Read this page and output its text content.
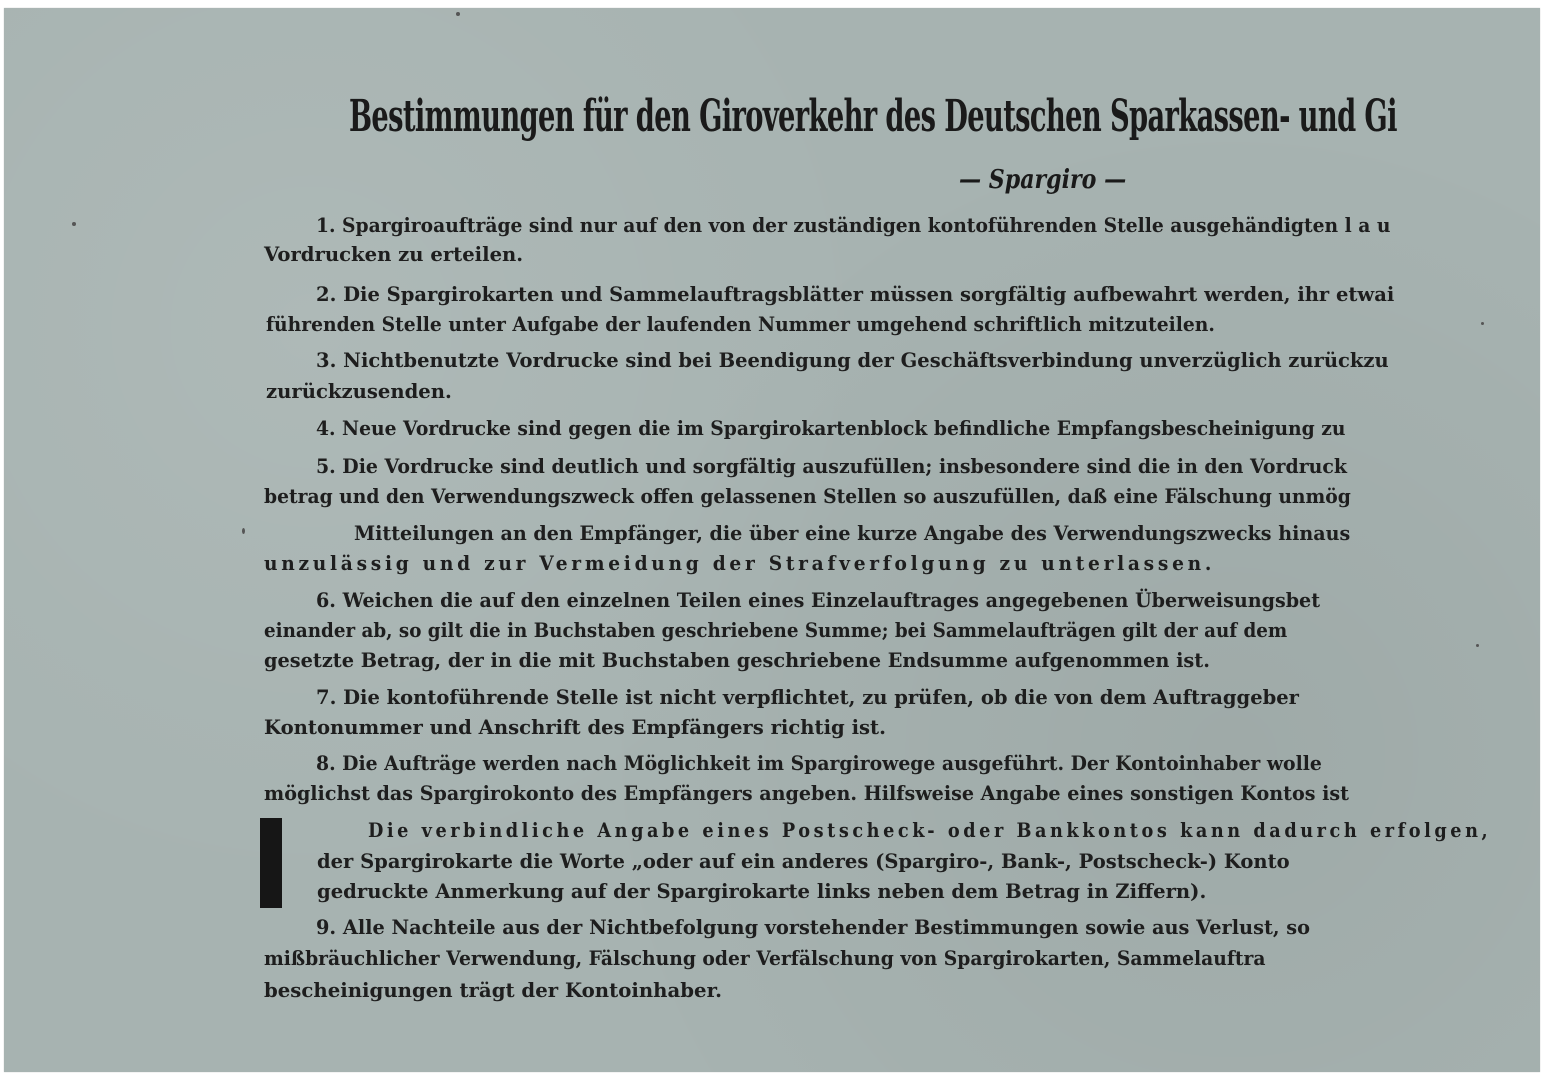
Bestimmungen für den Giroverkehr des Deutschen Sparkassen- und Gi
— Spargiro —
1. Spargiroaufträge sind nur auf den von der zuständigen kontoführenden Stelle ausgehändigten l a u
Vordrucken zu erteilen.
2. Die Spargirokarten und Sammelauftragsblätter müssen sorgfältig aufbewahrt werden, ihr etwai
führenden Stelle unter Aufgabe der laufenden Nummer umgehend schriftlich mitzuteilen.
3. Nichtbenutzte Vordrucke sind bei Beendigung der Geschäftsverbindung unverzüglich zurückzu
zurückzusenden.
4. Neue Vordrucke sind gegen die im Spargirokartenblock befindliche Empfangsbescheinigung zu
5. Die Vordrucke sind deutlich und sorgfältig auszufüllen; insbesondere sind die in den Vordruck
betrag und den Verwendungszweck offen gelassenen Stellen so auszufüllen, daß eine Fälschung unmög
Mitteilungen an den Empfänger, die über eine kurze Angabe des Verwendungszwecks hinaus
unzulässig und zur Vermeidung der Strafverfolgung zu unterlassen.
6. Weichen die auf den einzelnen Teilen eines Einzelauftrages angegebenen Überweisungsbet
einander ab, so gilt die in Buchstaben geschriebene Summe; bei Sammelaufträgen gilt der auf dem
gesetzte Betrag, der in die mit Buchstaben geschriebene Endsumme aufgenommen ist.
7. Die kontoführende Stelle ist nicht verpflichtet, zu prüfen, ob die von dem Auftraggeber
Kontonummer und Anschrift des Empfängers richtig ist.
8. Die Aufträge werden nach Möglichkeit im Spargirowege ausgeführt. Der Kontoinhaber wolle
möglichst das Spargirokonto des Empfängers angeben. Hilfsweise Angabe eines sonstigen Kontos ist
Die verbindliche Angabe eines Postscheck- oder Bankkontos kann dadurch erfolgen,
der Spargirokarte die Worte „oder auf ein anderes (Spargiro-, Bank-, Postscheck-) Konto
gedruckte Anmerkung auf der Spargirokarte links neben dem Betrag in Ziffern).
9. Alle Nachteile aus der Nichtbefolgung vorstehender Bestimmungen sowie aus Verlust, so
mißbräuchlicher Verwendung, Fälschung oder Verfälschung von Spargirokarten, Sammelauftra
bescheinigungen trägt der Kontoinhaber.
